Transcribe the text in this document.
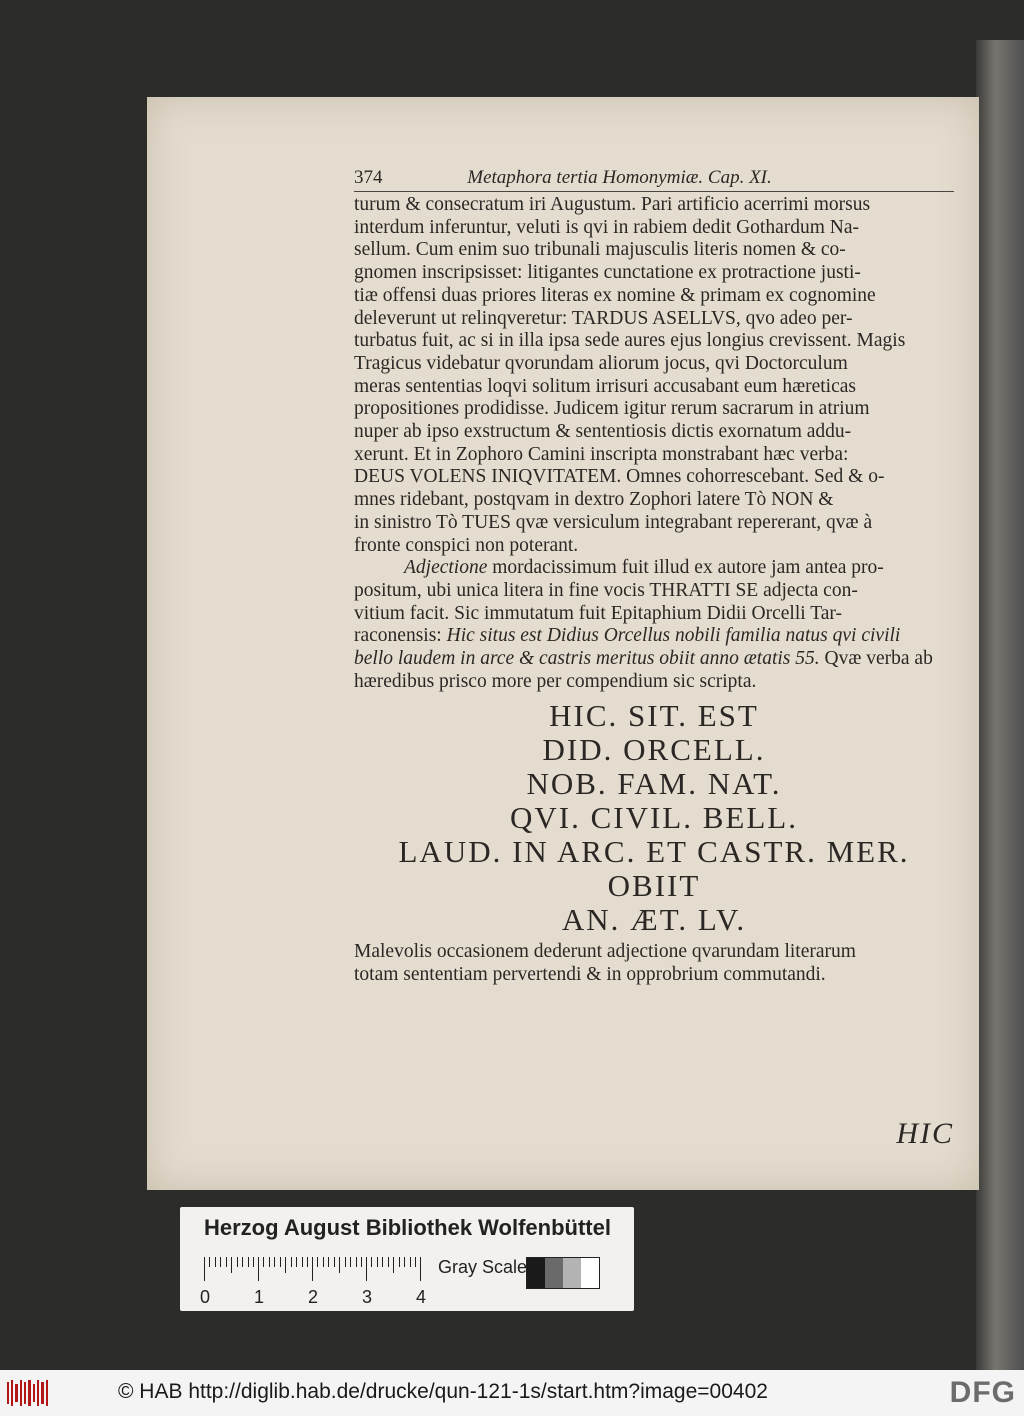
374	Metaphora tertia Homonymiæ. Cap. XI.

turum & consecratum iri Augustum. Pari artificio acerrimi morsus

interdum inferuntur, veluti is qvi in rabiem dedit Gothardum Na-

sellum. Cum enim suo tribunali majusculis literis nomen & co-

gnomen inscripsisset: litigantes cunctatione ex protractione justi-

tiæ offensi duas priores literas ex nomine & primam ex cognomine

deleverunt ut relinqveretur: TARDUS ASELLVS, qvo adeo per-

turbatus fuit, ac si in illa ipsa sede aures ejus longius crevissent. Magis

Tragicus videbatur qvorundam aliorum jocus, qvi Doctorculum

meras sententias loqvi solitum irrisuri accusabant eum hæreticas

propositiones prodidisse. Judicem igitur rerum sacrarum in atrium

nuper ab ipso exstructum & sententiosis dictis exornatum addu-

xerunt. Et in Zophoro Camini inscripta monstrabant hæc verba:

DEUS VOLENS INIQVITATEM. Omnes cohorrescebant. Sed & o-

mnes ridebant, postqvam in dextro Zophori latere Tò NON &

in sinistro Tò TUES qvæ versiculum integrabant repererant, qvæ à

fronte conspici non poterant.

Adjectione mordacissimum fuit illud ex autore jam antea pro-

positum, ubi unica litera in fine vocis THRATTI SE adjecta con-

vitium facit. Sic immutatum fuit Epitaphium Didii Orcelli Tar-

raconensis: Hic situs est Didius Orcellus nobili familia natus qvi civili

bello laudem in arce & castris meritus obiit anno ætatis 55. Qvæ verba ab

hæredibus prisco more per compendium sic scripta.

HIC. SIT. EST
DID. ORCELL.
NOB. FAM. NAT.
QVI. CIVIL. BELL.
LAUD. IN ARC. ET CASTR. MER.
OBIIT
AN. ÆT. LV.

Malevolis occasionem dederunt adjectione qvarundam literarum

totam sententiam pervertendi & in opprobrium commutandi.

HIC
Herzog August Bibliothek Wolfenbüttel
Gray Scale
0 1 2 3 4
© HAB http://diglib.hab.de/drucke/qun-121-1s/start.htm?image=00402	DFG
